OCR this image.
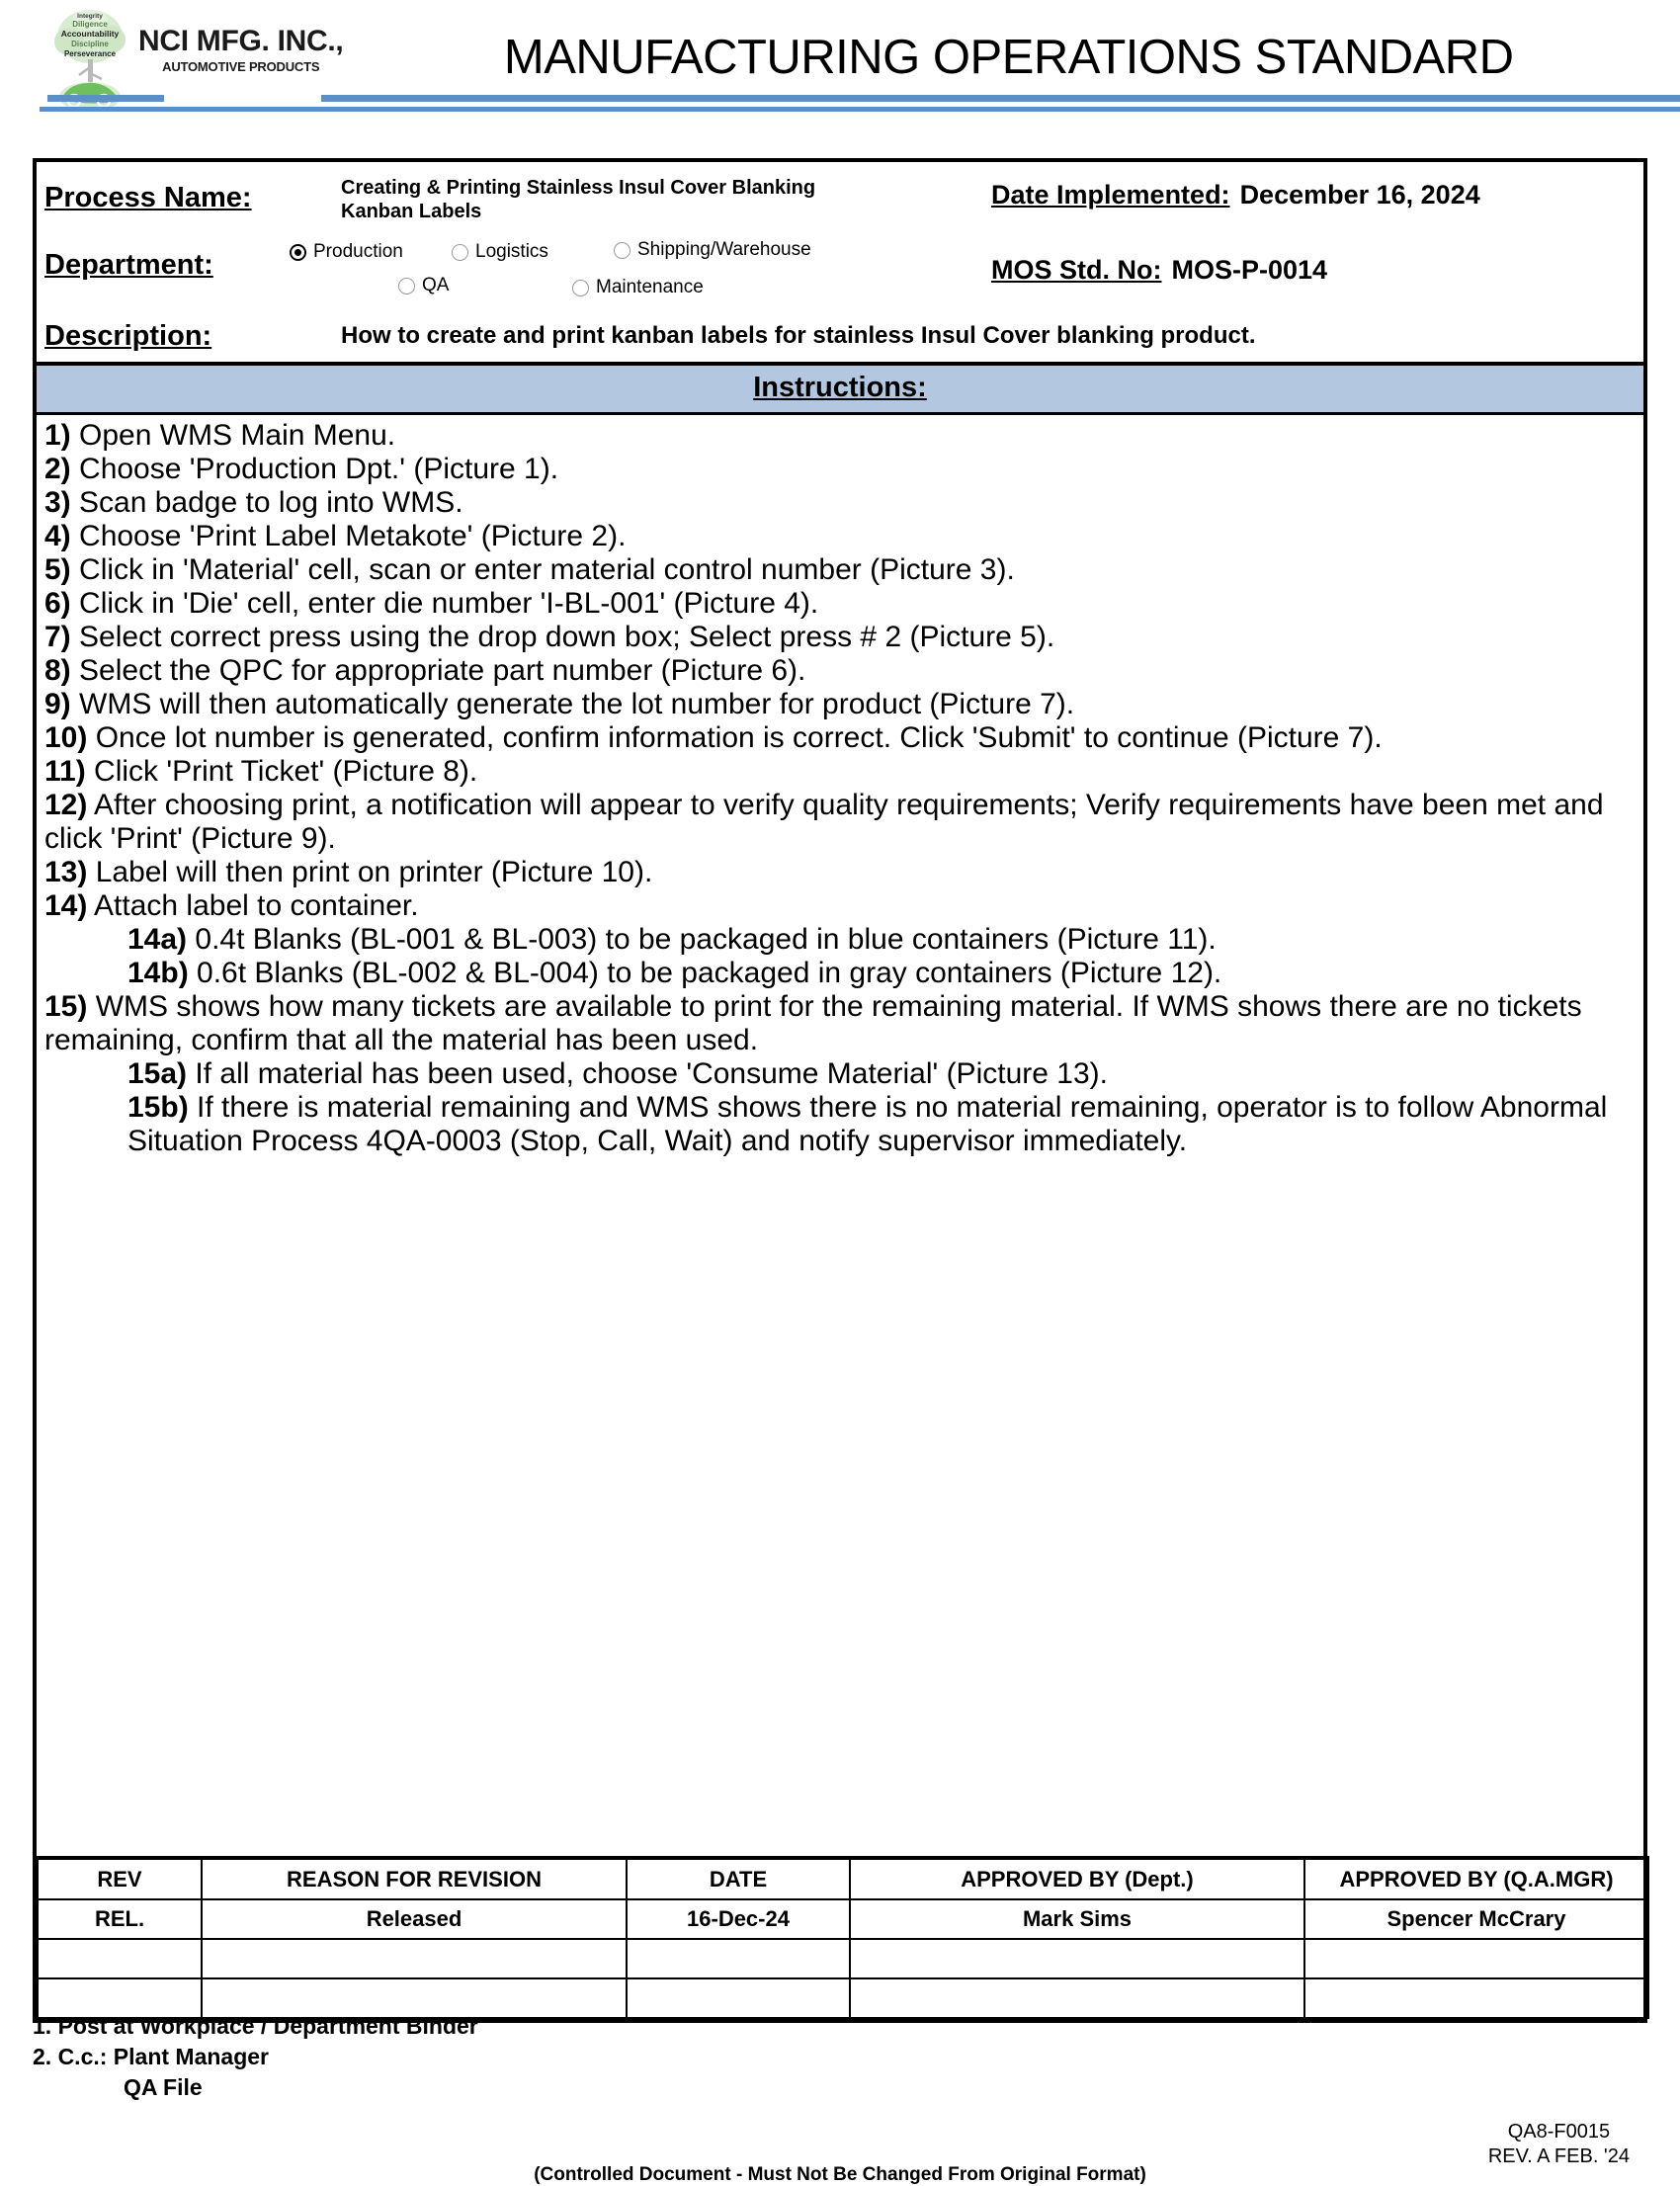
Integrity
Diligence
Accountability
Discipline
Perseverance NCI MFG. INC.,
AUTOMOTIVE PRODUCTS	MANUFACTURING OPERATIONS STANDARD
Process Name:	Creating & Printing Stainless Insul Cover Blanking
Kanban Labels
Date Implemented: December 16, 2024
Department:	Production	Logistics	Shipping/Warehouse
QA	Maintenance
MOS Std. No: MOS-P-0014
Description:	How to create and print kanban labels for stainless Insul Cover blanking product.
Instructions:
1) Open WMS Main Menu.
2) Choose 'Production Dpt.' (Picture 1).
3) Scan badge to log into WMS.
4) Choose 'Print Label Metakote' (Picture 2).
5) Click in 'Material' cell, scan or enter material control number (Picture 3).
6) Click in 'Die' cell, enter die number 'I-BL-001' (Picture 4).
7) Select correct press using the drop down box; Select press # 2 (Picture 5).
8) Select the QPC for appropriate part number (Picture 6).
9) WMS will then automatically generate the lot number for product (Picture 7).
10) Once lot number is generated, confirm information is correct. Click 'Submit' to continue (Picture 7).
11) Click 'Print Ticket' (Picture 8).
12) After choosing print, a notification will appear to verify quality requirements; Verify requirements have been met and click 'Print' (Picture 9).
13) Label will then print on printer (Picture 10).
14) Attach label to container.
14a) 0.4t Blanks (BL-001 & BL-003) to be packaged in blue containers (Picture 11).
14b) 0.6t Blanks (BL-002 & BL-004) to be packaged in gray containers (Picture 12).
15) WMS shows how many tickets are available to print for the remaining material. If WMS shows there are no tickets remaining, confirm that all the material has been used.
15a) If all material has been used, choose 'Consume Material' (Picture 13).
15b) If there is material remaining and WMS shows there is no material remaining, operator is to follow Abnormal Situation Process 4QA-0003 (Stop, Call, Wait) and notify supervisor immediately.
REV	REASON FOR REVISION	DATE	APPROVED BY (Dept.)	APPROVED BY (Q.A.MGR)
REL.	Released	16-Dec-24	Mark Sims	Spencer McCrary

1. Post at Workplace / Department Binder
2. C.c.: Plant Manager
QA File
(Controlled Document - Must Not Be Changed From Original Format)
QA8-F0015
REV. A FEB. '24
